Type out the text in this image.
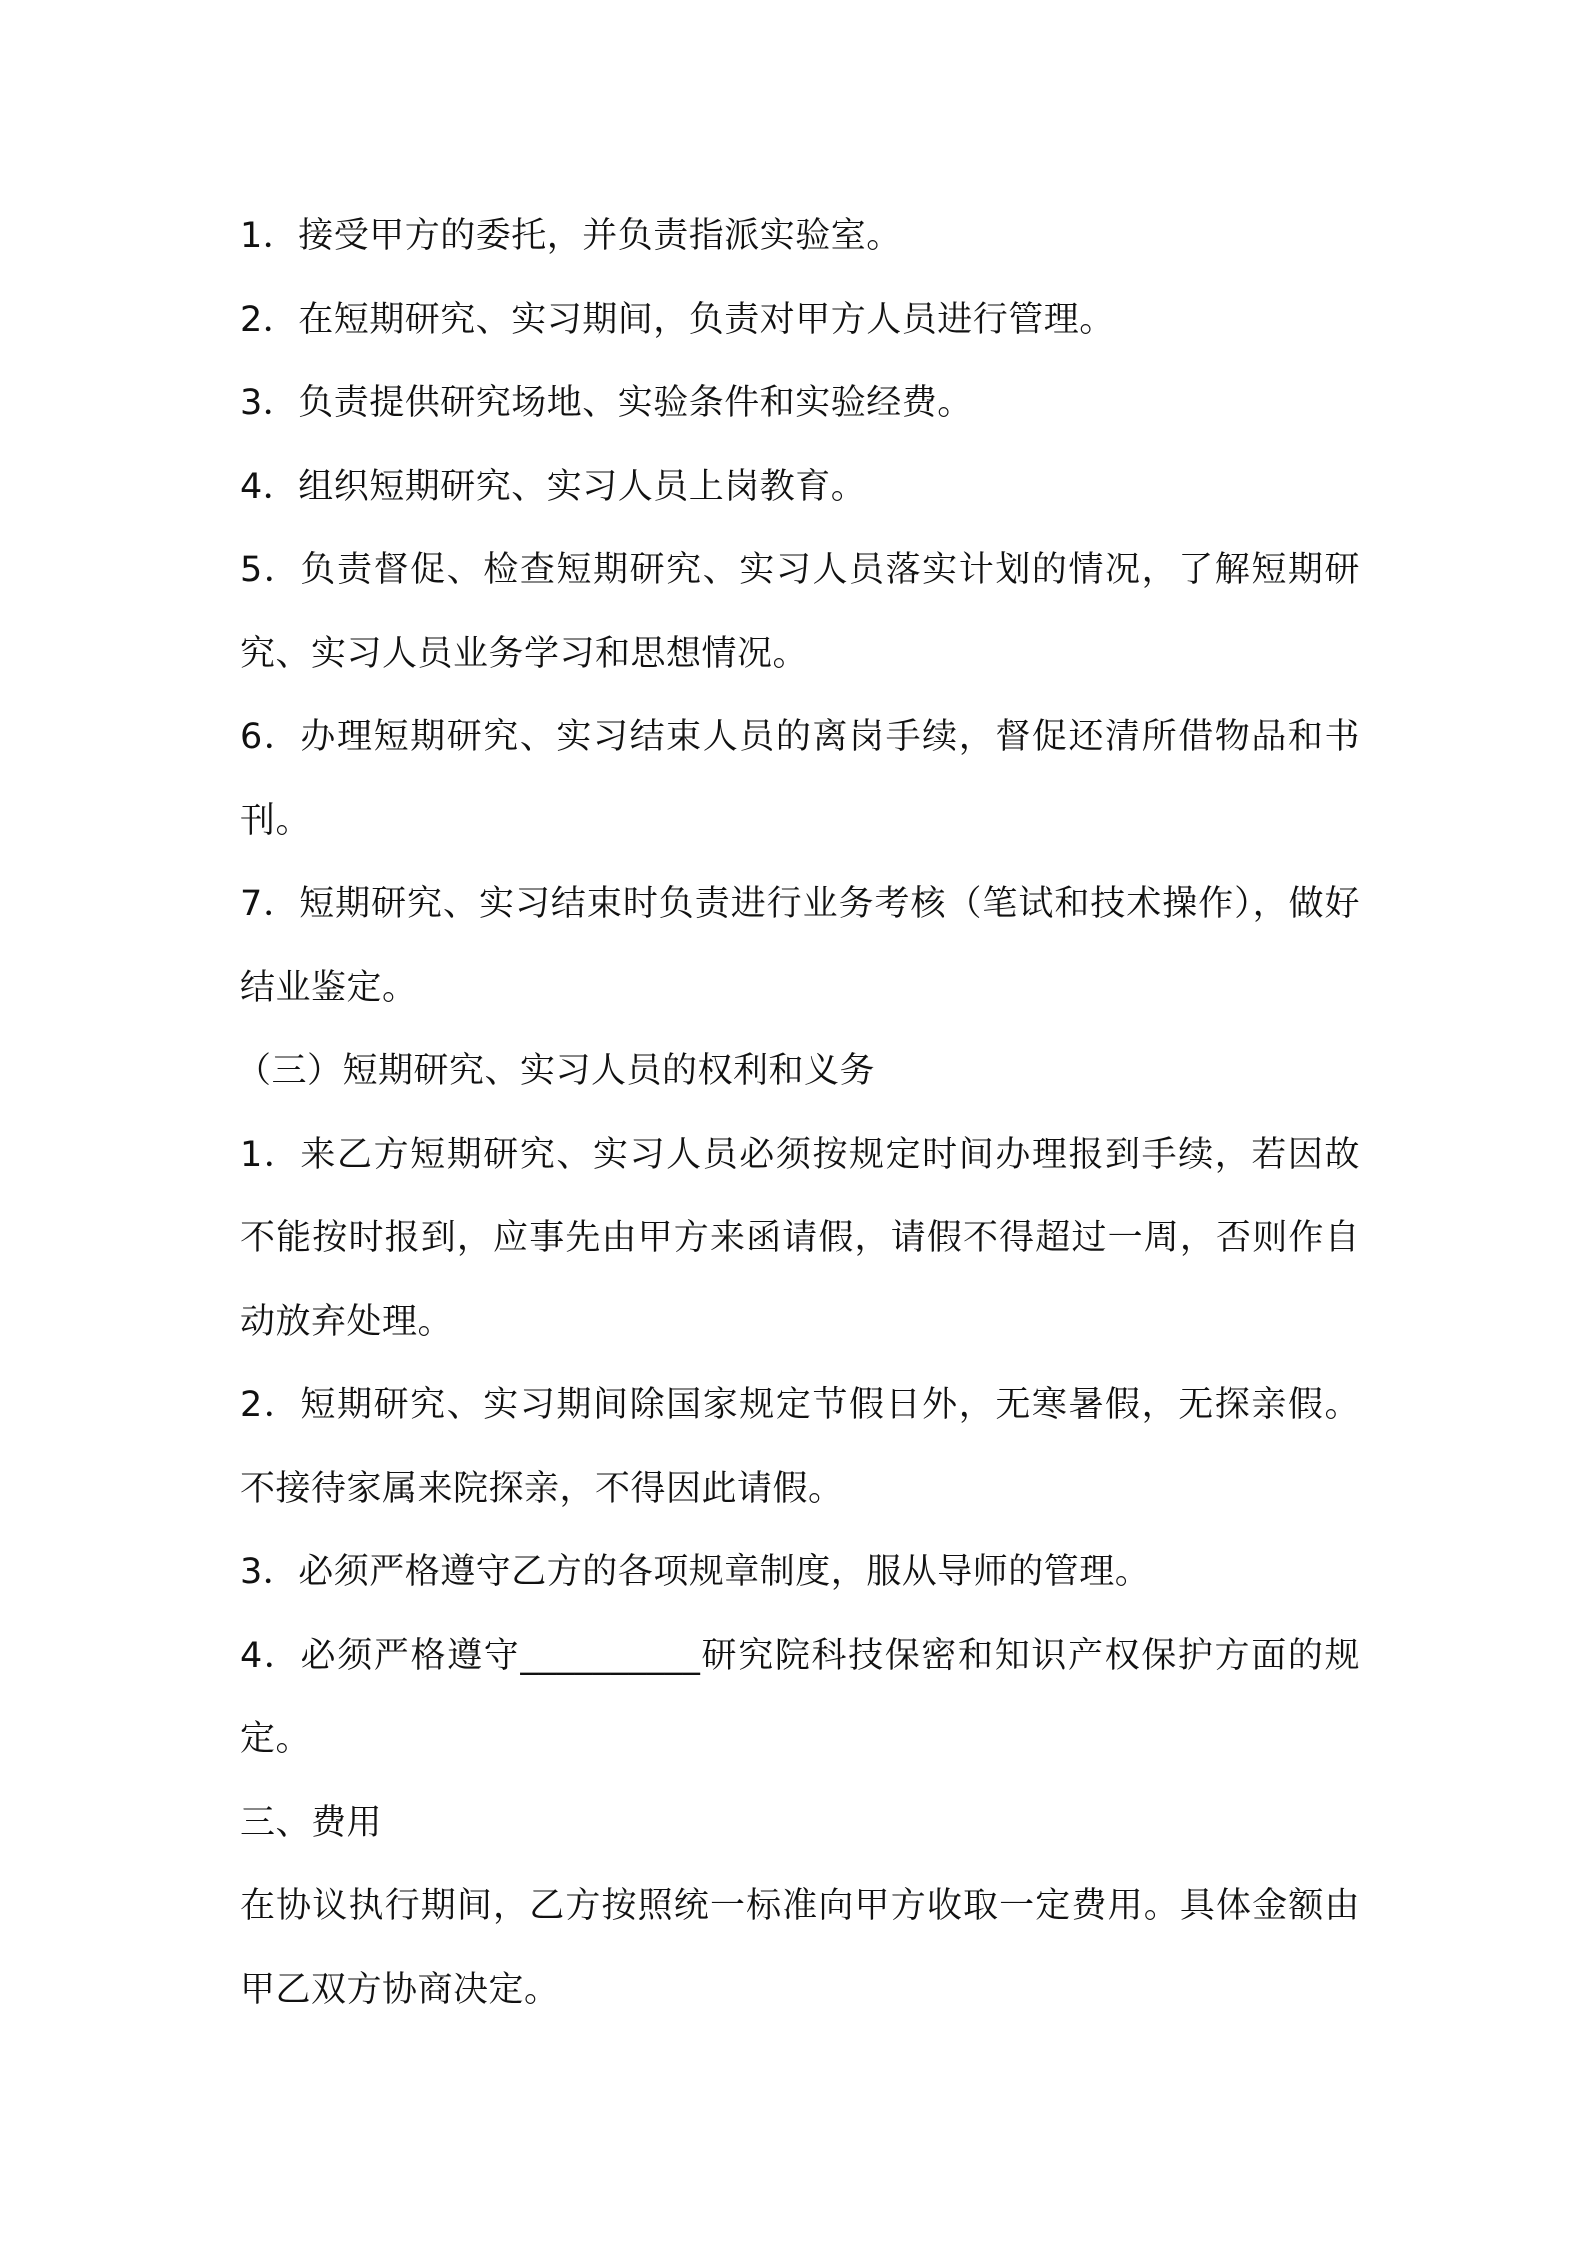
1．接受甲方的委托，并负责指派实验室。

2．在短期研究、实习期间，负责对甲方人员进行管理。

3．负责提供研究场地、实验条件和实验经费。

4．组织短期研究、实习人员上岗教育。

5．负责督促、检查短期研究、实习人员落实计划的情况，了解短期研究、实习人员业务学习和思想情况。

6．办理短期研究、实习结束人员的离岗手续，督促还清所借物品和书刊。

7．短期研究、实习结束时负责进行业务考核（笔试和技术操作），做好结业鉴定。

（三）短期研究、实习人员的权利和义务

1．来乙方短期研究、实习人员必须按规定时间办理报到手续，若因故不能按时报到，应事先由甲方来函请假，请假不得超过一周，否则作自动放弃处理。

2．短期研究、实习期间除国家规定节假日外，无寒暑假，无探亲假。不接待家属来院探亲，不得因此请假。

3．必须严格遵守乙方的各项规章制度，服从导师的管理。

4．必须严格遵守__________研究院科技保密和知识产权保护方面的规定。

三、费用

在协议执行期间，乙方按照统一标准向甲方收取一定费用。具体金额由甲乙双方协商决定。
